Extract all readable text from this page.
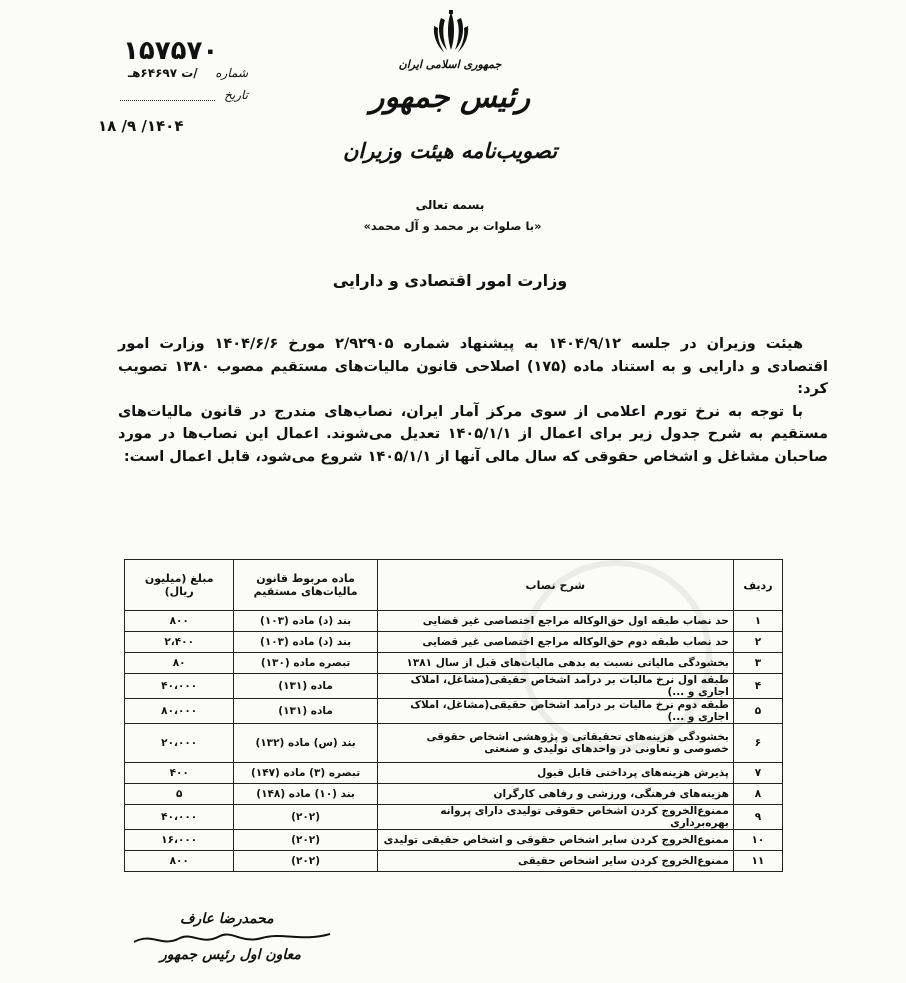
۱۵۷۵۷۰
شماره
/ت ۶۴۶۹۷هـ
تاریخ
۱۴۰۴/ ۹/ ۱۸
جمهوری اسلامی ایران
رئیس جمهور
تصویب‌نامه هیئت وزیران
بسمه تعالی
«با صلوات بر محمد و آل محمد»
وزارت امور اقتصادی و دارایی

هیئت وزیران در جلسه ۱۴۰۴/۹/۱۲ به پیشنهاد شماره ۲/۹۲۹۰۵ مورخ ۱۴۰۴/۶/۶ وزارت امور اقتصادی و دارایی و به استناد ماده (۱۷۵) اصلاحی قانون مالیات‌های مستقیم مصوب ۱۳۸۰ تصویب کرد:

با توجه به نرخ تورم اعلامی از سوی مرکز آمار ایران، نصاب‌های مندرج در قانون مالیات‌های مستقیم به شرح جدول زیر برای اعمال از ۱۴۰۵/۱/۱ تعدیل می‌شوند. اعمال این نصاب‌ها در مورد صاحبان مشاغل و اشخاص حقوقی که سال مالی آنها از ۱۴۰۵/۱/۱ شروع می‌شود، قابل اعمال است:

ردیف	شرح نصاب	ماده مربوط قانون مالیات‌های مستقیم	مبلغ (میلیون ریال)
۱	حد نصاب طبقه اول حق‌الوکاله مراجع اختصاصی غیر قضایی	بند (د) ماده (۱۰۳)	۸۰۰
۲	حد نصاب طبقه دوم حق‌الوکاله مراجع اختصاصی غیر قضایی	بند (د) ماده (۱۰۳)	۲،۴۰۰
۳	بخشودگی مالیاتی نسبت به بدهی مالیات‌های قبل از سال ۱۳۸۱	تبصره ماده (۱۳۰)	۸۰
۴	طبقه اول نرخ مالیات بر درآمد اشخاص حقیقی(مشاغل، املاک اجاری و ...)	ماده (۱۳۱)	۴۰،۰۰۰
۵	طبقه دوم نرخ مالیات بر درآمد اشخاص حقیقی(مشاغل، املاک اجاری و ...)	ماده (۱۳۱)	۸۰،۰۰۰
۶	بخشودگی هزینه‌های تحقیقاتی و پژوهشی اشخاص حقوقی خصوصی و تعاونی در واحدهای تولیدی و صنعتی	بند (س) ماده (۱۳۲)	۲۰،۰۰۰
۷	پذیرش هزینه‌های پرداختی قابل قبول	تبصره (۳) ماده (۱۴۷)	۴۰۰
۸	هزینه‌های فرهنگی، ورزشی و رفاهی کارگران	بند (۱۰) ماده (۱۴۸)	۵
۹	ممنوع‌الخروج کردن اشخاص حقوقی تولیدی دارای پروانه بهره‌برداری	(۲۰۲)	۴۰،۰۰۰
۱۰	ممنوع‌الخروج کردن سایر اشخاص حقوقی و اشخاص حقیقی تولیدی	(۲۰۲)	۱۶،۰۰۰
۱۱	ممنوع‌الخروج کردن سایر اشخاص حقیقی	(۲۰۲)	۸۰۰
محمدرضا عارف
معاون اول رئیس جمهور
